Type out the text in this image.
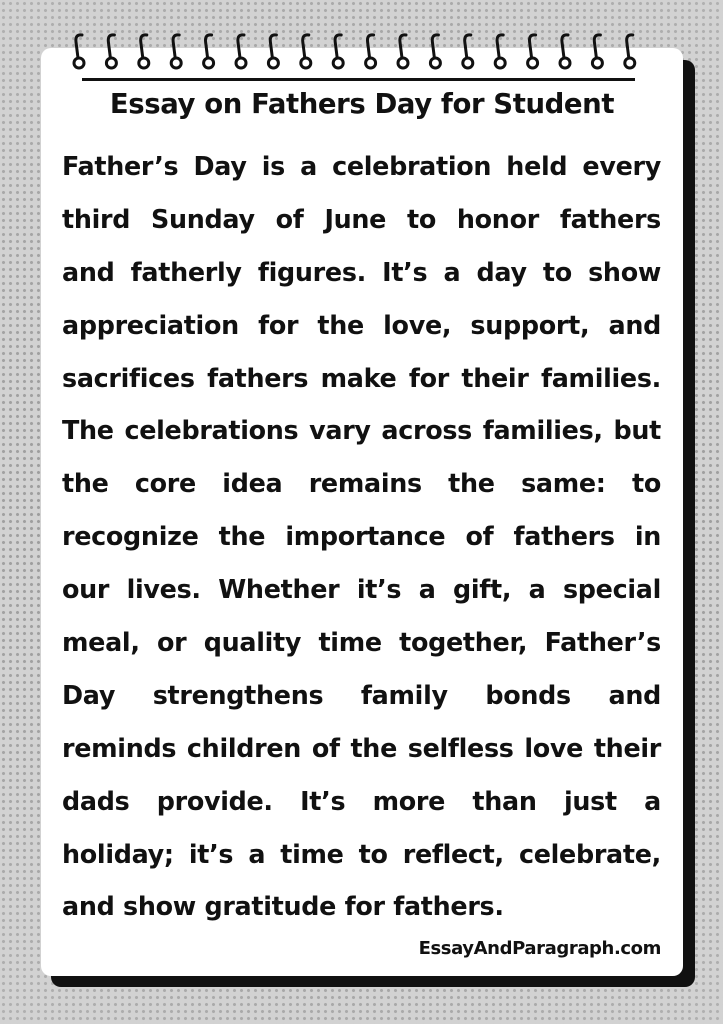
Essay on Fathers Day for Student
Father’s Day is a celebration held every
third Sunday of June to honor fathers
and fatherly figures. It’s a day to show
appreciation for the love, support, and
sacrifices fathers make for their families.
The celebrations vary across families, but
the core idea remains the same: to
recognize the importance of fathers in
our lives. Whether it’s a gift, a special
meal, or quality time together, Father’s
Day strengthens family bonds and
reminds children of the selfless love their
dads provide. It’s more than just a
holiday; it’s a time to reflect, celebrate,
and show gratitude for fathers.
EssayAndParagraph.com
